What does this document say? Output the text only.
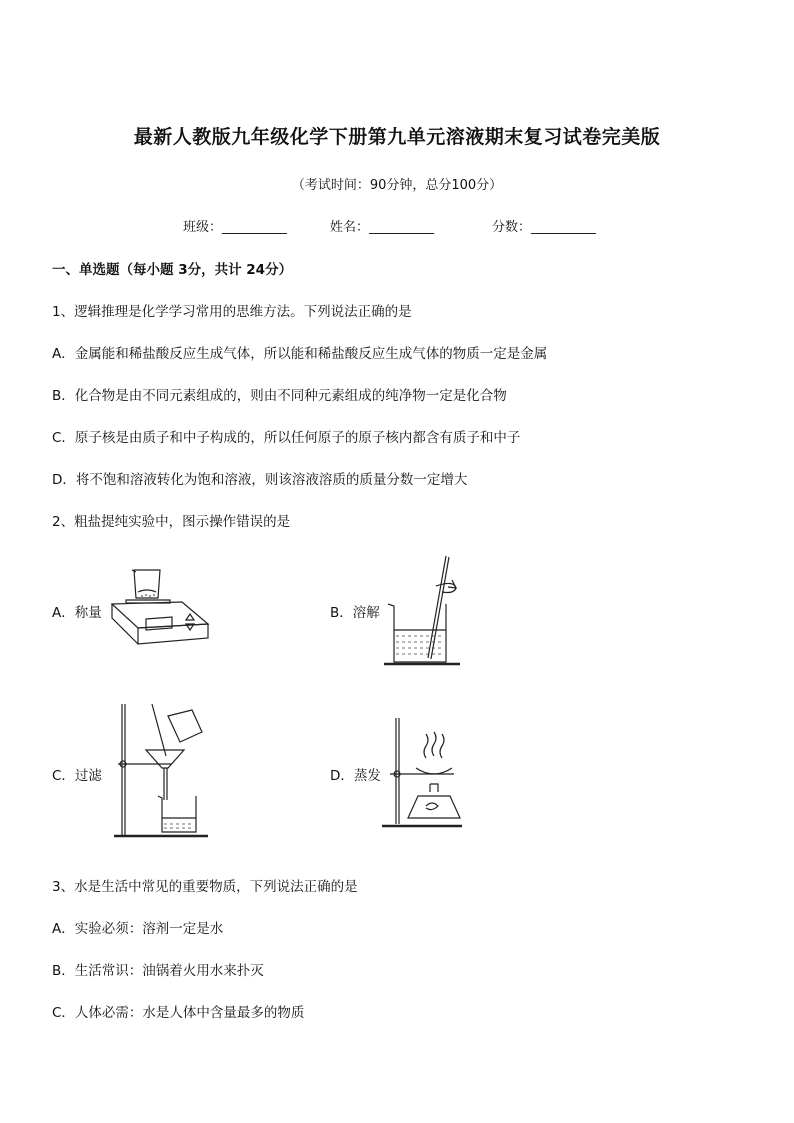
最新人教版九年级化学下册第九单元溶液期末复习试卷完美版
（考试时间：90分钟，总分100分）
班级：__________	姓名：__________	分数：__________
一、单选题（每小题 3分，共计 24分）
1、逻辑推理是化学学习常用的思维方法。下列说法正确的是
A．金属能和稀盐酸反应生成气体，所以能和稀盐酸反应生成气体的物质一定是金属
B．化合物是由不同元素组成的，则由不同种元素组成的纯净物一定是化合物
C．原子核是由质子和中子构成的，所以任何原子的原子核内都含有质子和中子
D．将不饱和溶液转化为饱和溶液，则该溶液溶质的质量分数一定增大
2、粗盐提纯实验中，图示操作错误的是
A．称量	B．溶解
C．过滤	D．蒸发
3、水是生活中常见的重要物质，下列说法正确的是
A．实验必须：溶剂一定是水
B．生活常识：油锅着火用水来扑灭
C．人体必需：水是人体中含量最多的物质
